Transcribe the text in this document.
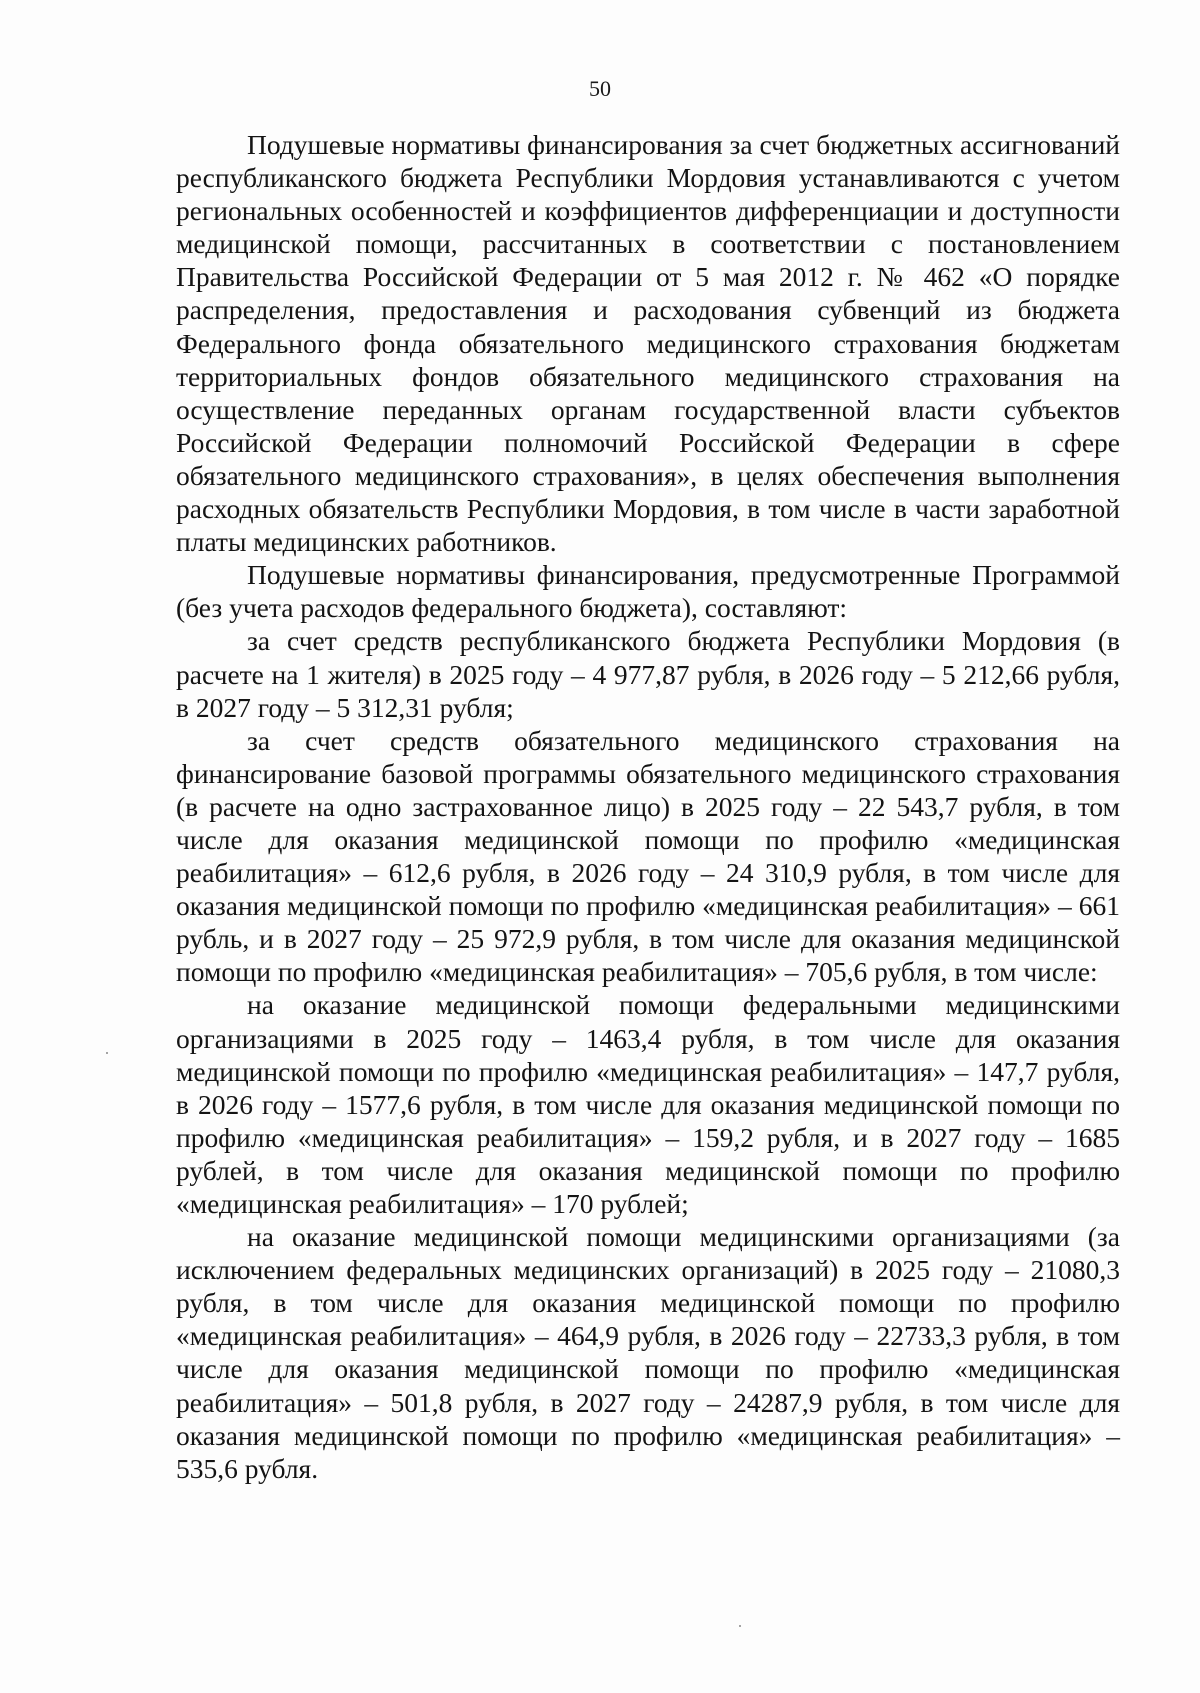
50

Подушевые нормативы финансирования за счет бюджетных ассигнований республиканского бюджета Республики Мордовия устанавливаются с учетом региональных особенностей и коэффициентов дифференциации и доступности медицинской помощи, рассчитанных в соответствии с постановлением Правительства Российской Федерации от 5 мая 2012 г. № 462 «О порядке распределения, предоставления и расходования субвенций из бюджета Федерального фонда обязательного медицинского страхования бюджетам территориальных фондов обязательного медицинского страхования на осуществление переданных органам государственной власти субъектов Российской Федерации полномочий Российской Федерации в сфере обязательного медицинского страхования», в целях обеспечения выполнения расходных обязательств Республики Мордовия, в том числе в части заработной платы медицинских работников.

Подушевые нормативы финансирования, предусмотренные Программой (без учета расходов федерального бюджета), составляют:

за счет средств республиканского бюджета Республики Мордовия (в расчете на 1 жителя) в 2025 году – 4 977,87 рубля, в 2026 году – 5 212,66 рубля, в 2027 году – 5 312,31 рубля;

за счет средств обязательного медицинского страхования на финансирование базовой программы обязательного медицинского страхования (в расчете на одно застрахованное лицо) в 2025 году – 22 543,7 рубля, в том числе для оказания медицинской помощи по профилю «медицинская реабилитация» – 612,6 рубля, в 2026 году – 24 310,9 рубля, в том числе для оказания медицинской помощи по профилю «медицинская реабилитация» – 661 рубль, и в 2027 году – 25 972,9 рубля, в том числе для оказания медицинской помощи по профилю «медицинская реабилитация» – 705,6 рубля, в том числе:

на оказание медицинской помощи федеральными медицинскими организациями в 2025 году – 1463,4 рубля, в том числе для оказания медицинской помощи по профилю «медицинская реабилитация» – 147,7 рубля, в 2026 году – 1577,6 рубля, в том числе для оказания медицинской помощи по профилю «медицинская реабилитация» – 159,2 рубля, и в 2027 году – 1685 рублей, в том числе для оказания медицинской помощи по профилю «медицинская реабилитация» – 170 рублей;

на оказание медицинской помощи медицинскими организациями (за исключением федеральных медицинских организаций) в 2025 году – 21080,3 рубля, в том числе для оказания медицинской помощи по профилю «медицинская реабилитация» – 464,9 рубля, в 2026 году – 22733,3 рубля, в том числе для оказания медицинской помощи по профилю «медицинская реабилитация» – 501,8 рубля, в 2027 году – 24287,9 рубля, в том числе для оказания медицинской помощи по профилю «медицинская реабилитация» – 535,6 рубля.
